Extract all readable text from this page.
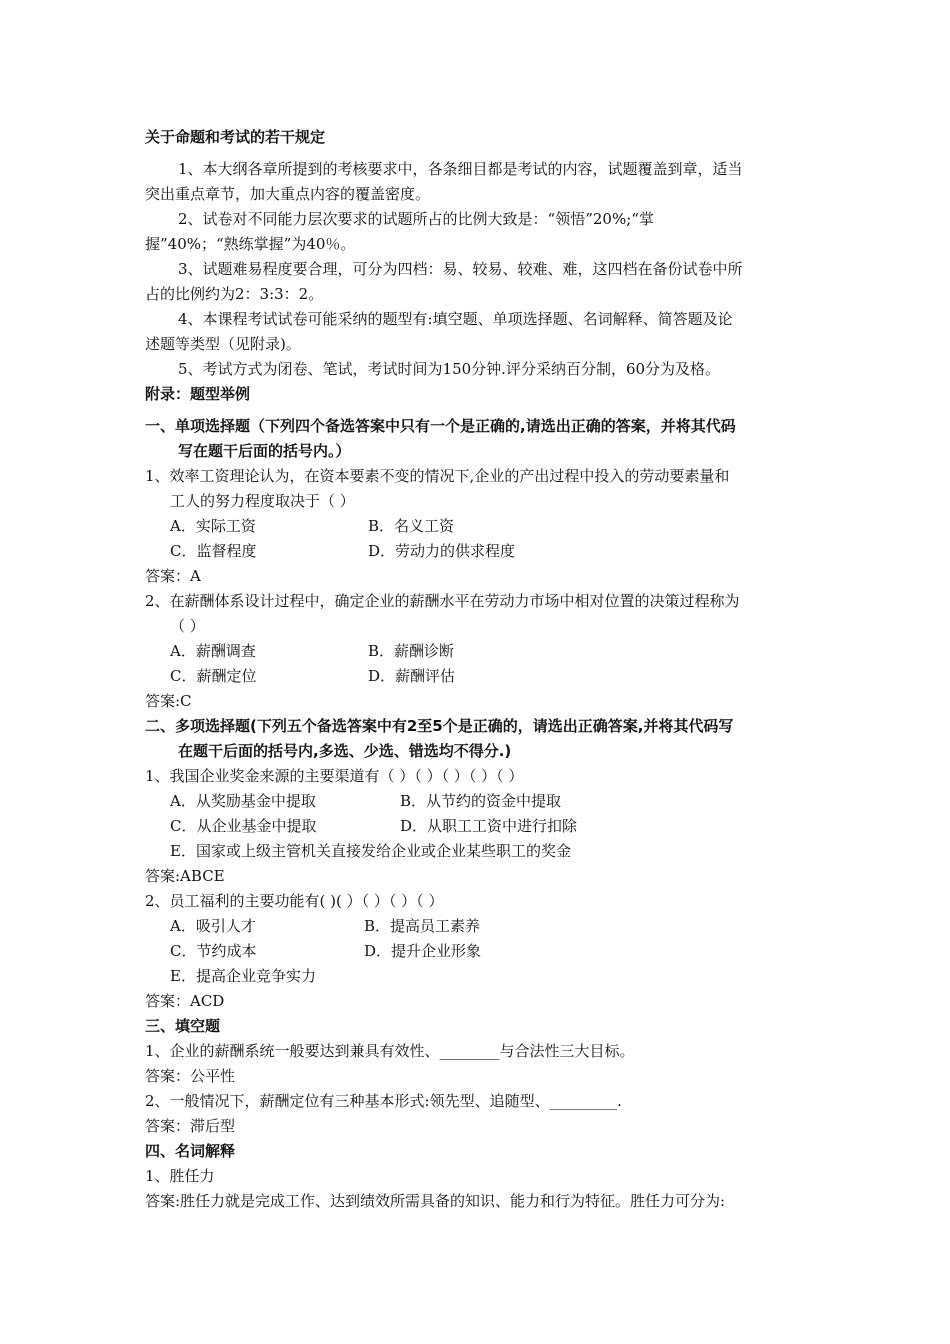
关于命题和考试的若干规定
1、本大纲各章所提到的考核要求中，各条细目都是考试的内容，试题覆盖到章，适当
突出重点章节，加大重点内容的覆盖密度。
2、试卷对不同能力层次要求的试题所占的比例大致是：“领悟”20%;“掌
握”40%；“熟练掌握”为40％。
3、试题难易程度要合理，可分为四档：易、较易、较难、难，这四档在备份试卷中所
占的比例约为2：3:3：2。
4、本课程考试试卷可能采纳的题型有:填空题、单项选择题、名词解释、简答题及论
述题等类型（见附录)。
5、考试方式为闭卷、笔试，考试时间为150分钟.评分采纳百分制，60分为及格。
附录：题型举例
一、单项选择题（下列四个备选答案中只有一个是正确的,请选出正确的答案，并将其代码
写在题干后面的括号内。）
1、效率工资理论认为，在资本要素不变的情况下,企业的产出过程中投入的劳动要素量和
工人的努力程度取决于（ ）
A．实际工资	B．名义工资
C．监督程度	D．劳动力的供求程度
答案：A
2、在薪酬体系设计过程中，确定企业的薪酬水平在劳动力市场中相对位置的决策过程称为
（ ）
A．薪酬调查	B．薪酬诊断
C．薪酬定位	D．薪酬评估
答案:C
二、多项选择题(下列五个备选答案中有2至5个是正确的，请选出正确答案,并将其代码写
在题干后面的括号内,多选、少选、错选均不得分.)
1、我国企业奖金来源的主要渠道有（ ）（ ）（ ）（ ）（ ）
A．从奖励基金中提取	B．从节约的资金中提取
C．从企业基金中提取	D．从职工工资中进行扣除
E．国家或上级主管机关直接发给企业或企业某些职工的奖金
答案:ABCE
2、员工福利的主要功能有( )( ）（ ）（ ）（ ）
A．吸引人才	B．提高员工素养
C．节约成本	D．提升企业形象
E．提高企业竞争实力
答案：ACD
三、填空题
1、企业的薪酬系统一般要达到兼具有效性、________与合法性三大目标。
答案：公平性
2、一般情况下，薪酬定位有三种基本形式:领先型、追随型、_________.
答案：滞后型
四、名词解释
1、胜任力
答案:胜任力就是完成工作、达到绩效所需具备的知识、能力和行为特征。胜任力可分为:
